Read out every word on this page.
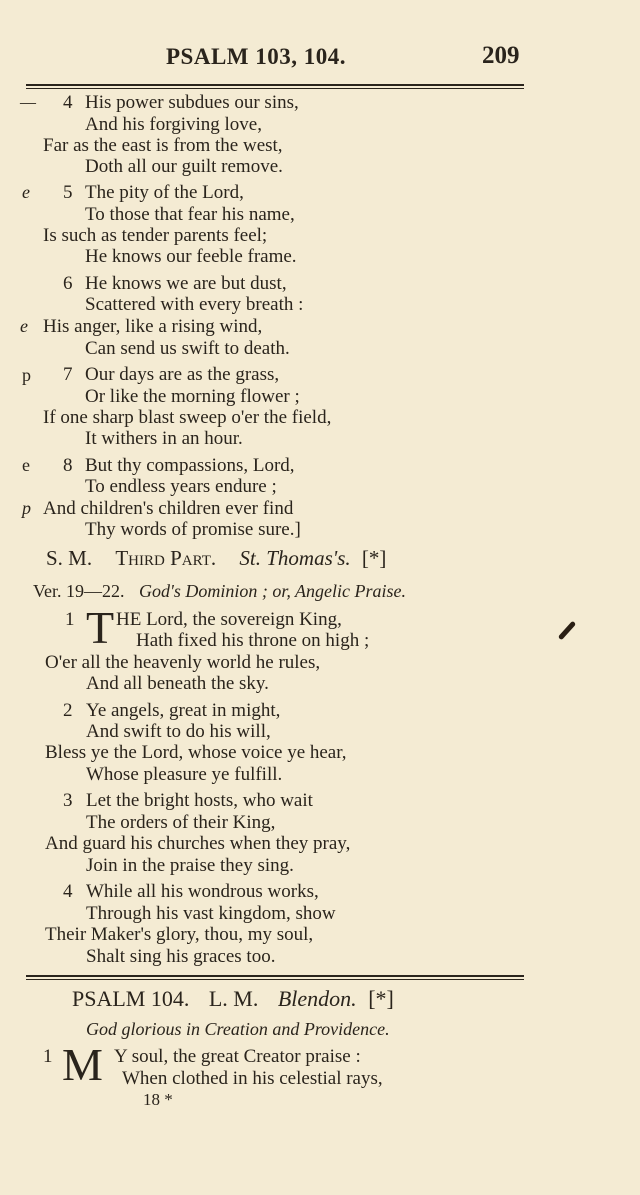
PSALM 103, 104.	209
— 4 His power subdues our sins,
And his forgiving love,
Far as the east is from the west,
Doth all our guilt remove.
e 5 The pity of the Lord,
To those that fear his name,
Is such as tender parents feel;
He knows our feeble frame.
6 He knows we are but dust,
Scattered with every breath :
e His anger, like a rising wind,
Can send us swift to death.
p 7 Our days are as the grass,
Or like the morning flower ;
If one sharp blast sweep o'er the field,
It withers in an hour.
e 8 But thy compassions, Lord,
To endless years endure ;
p And children's children ever find
Thy words of promise sure.]
S. M. Third Part. St. Thomas's. [*]
Ver. 19—22. God's Dominion ; or, Angelic Praise.
1 T HE Lord, the sovereign King,
Hath fixed his throne on high ;
O'er all the heavenly world he rules,
And all beneath the sky.
2 Ye angels, great in might,
And swift to do his will,
Bless ye the Lord, whose voice ye hear,
Whose pleasure ye fulfill.
3 Let the bright hosts, who wait
The orders of their King,
And guard his churches when they pray,
Join in the praise they sing.
4 While all his wondrous works,
Through his vast kingdom, show
Their Maker's glory, thou, my soul,
Shalt sing his graces too.
PSALM 104. L. M. Blendon. [*]
God glorious in Creation and Providence.
1 M Y soul, the great Creator praise :
When clothed in his celestial rays,
18 *
